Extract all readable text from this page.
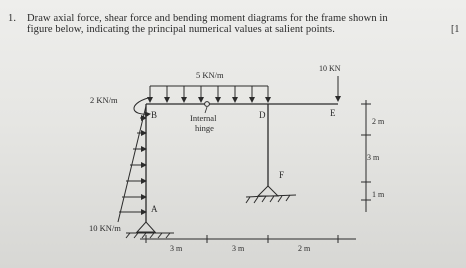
1. Draw axial force, shear force and bending moment diagrams for the frame shown in
figure below, indicating the principal numerical values at salient points.	[1
5 KN/m
10 KN
2 KN/m
10 KN/m
Internal
hinge
B	D	E
F
A
2 m
3 m
1 m
3 m	3 m	2 m
